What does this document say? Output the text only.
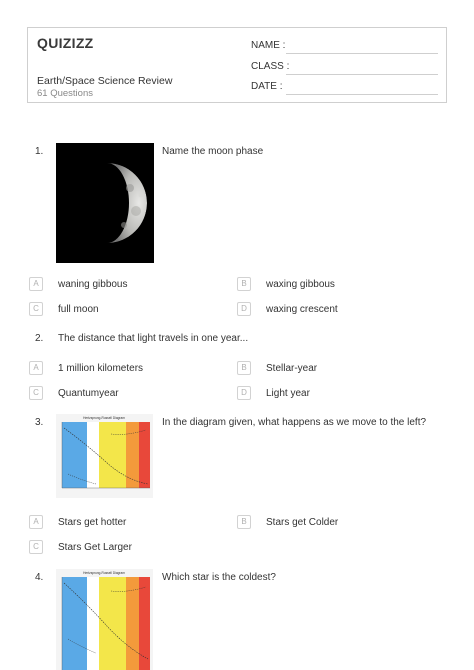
QUIZIZZ
Earth/Space Science Review
61 Questions
NAME :
CLASS :
DATE :
1.	Name the moon phase
A	waning gibbous	B	waxing gibbous
C	full moon	D	waxing crescent
2. The distance that light travels in one year...
A	1 million kilometers	B	Stellar-year
C	Quantumyear	D	Light year
3.	Hertzsprung-Russell Diagram	In the diagram given, what happens as we move to the left?
A	Stars get hotter	B	Stars get Colder
C	Stars Get Larger
4.	Hertzsprung-Russell Diagram	Which star is the coldest?
